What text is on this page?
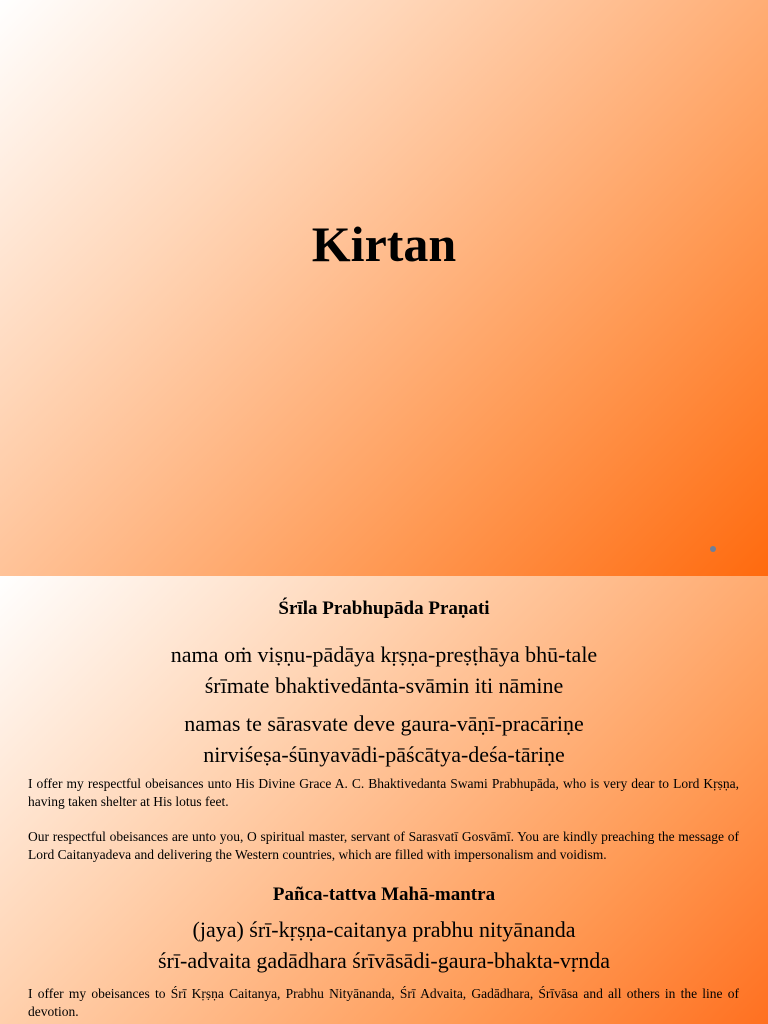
Kirtan
Śrīla Prabhupāda Praṇati
nama oṁ viṣṇu-pādāya kṛṣṇa-preṣṭhāya bhū-tale
śrīmate bhaktivedānta-svāmin iti nāmine
namas te sārasvate deve gaura-vāṇī-pracāriṇe
nirviśeṣa-śūnyavādi-pāścātya-deśa-tāriṇe
I offer my respectful obeisances unto His Divine Grace A. C. Bhaktivedanta Swami Prabhupāda, who is very dear to Lord Kṛṣṇa, having taken shelter at His lotus feet.
Our respectful obeisances are unto you, O spiritual master, servant of Sarasvatī Gosvāmī. You are kindly preaching the message of Lord Caitanyadeva and delivering the Western countries, which are filled with impersonalism and voidism.
Pañca-tattva Mahā-mantra
(jaya) śrī-kṛṣṇa-caitanya prabhu nityānanda
śrī-advaita gadādhara śrīvāsādi-gaura-bhakta-vṛnda
I offer my obeisances to Śrī Kṛṣṇa Caitanya, Prabhu Nityānanda, Śrī Advaita, Gadādhara, Śrīvāsa and all others in the line of devotion.
